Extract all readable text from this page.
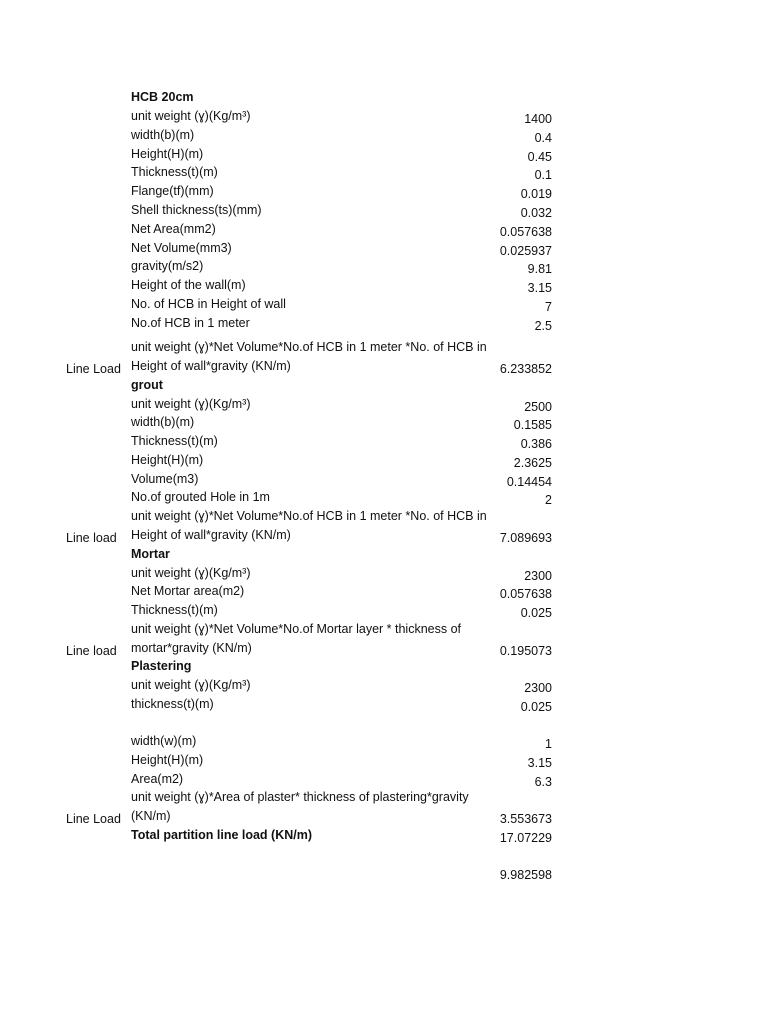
HCB 20cm
unit weight (ɣ)(Kg/m³)	1400
width(b)(m)	0.4
Height(H)(m)	0.45
Thickness(t)(m)	0.1
Flange(tf)(mm)	0.019
Shell thickness(ts)(mm)	0.032
Net Area(mm2)	0.057638
Net Volume(mm3)	0.025937
gravity(m/s2)	9.81
Height of the wall(m)	3.15
No. of HCB in Height of wall	7
No.of HCB in 1 meter	2.5
Line Load
unit weight (ɣ)*Net Volume*No.of HCB in 1 meter *No. of HCB in Height of wall*gravity (KN/m)	6.233852
grout
unit weight (ɣ)(Kg/m³)	2500
width(b)(m)	0.1585
Thickness(t)(m)	0.386
Height(H)(m)	2.3625
Volume(m3)	0.14454
No.of grouted Hole in 1m	2
Line load
unit weight (ɣ)*Net Volume*No.of HCB in 1 meter *No. of HCB in Height of wall*gravity (KN/m)	7.089693
Mortar
unit weight (ɣ)(Kg/m³)	2300
Net Mortar area(m2)	0.057638
Thickness(t)(m)	0.025
Line load
unit weight (ɣ)*Net Volume*No.of Mortar layer * thickness of mortar*gravity (KN/m)	0.195073
Plastering
unit weight (ɣ)(Kg/m³)	2300
thickness(t)(m)	0.025
width(w)(m)	1
Height(H)(m)	3.15
Area(m2)	6.3
Line Load
unit weight (ɣ)*Area of plaster* thickness of plastering*gravity (KN/m)	3.553673
Total partition line load (KN/m)	17.07229
9.982598
